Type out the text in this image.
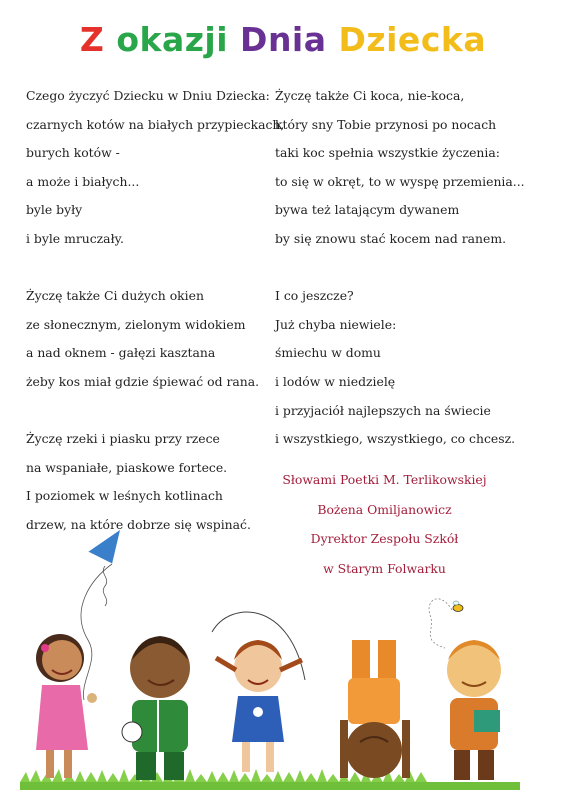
Z okazji Dnia Dziecka
Czego życzyć Dziecku w Dniu Dziecka:
czarnych kotów na białych przypieckach,
burych kotów -
a może i białych...
byle były
i byle mruczały.
Życzę także Ci dużych okien
ze słonecznym, zielonym widokiem
a nad oknem - gałęzi kasztana
żeby kos miał gdzie śpiewać od rana.
Życzę rzeki i piasku przy rzece
na wspaniałe, piaskowe fortece.
I poziomek w leśnych kotlinach
drzew, na które dobrze się wspinać.
Życzę także Ci koca, nie-koca,
który sny Tobie przynosi po nocach
taki koc spełnia wszystkie życzenia:
to się w okręt, to w wyspę przemienia...
bywa też latającym dywanem
by się znowu stać kocem nad ranem.
I co jeszcze?
Już chyba niewiele:
śmiechu w domu
i lodów w niedzielę
i przyjaciół najlepszych na świecie
i wszystkiego, wszystkiego, co chcesz.
Słowami Poetki M. Terlikowskiej
Bożena Omiljanowicz
Dyrektor Zespołu Szkół
w Starym Folwarku
